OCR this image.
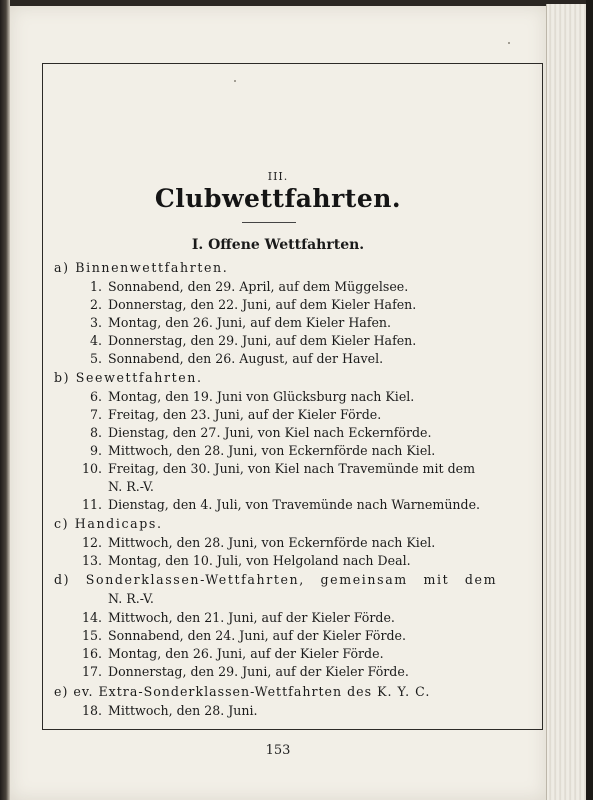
III.
Clubwettfahrten.
I. Offene Wettfahrten.
a) Binnenwettfahrten.
1. Sonnabend, den 29. April, auf dem Müggelsee.
2. Donnerstag, den 22. Juni, auf dem Kieler Hafen.
3. Montag, den 26. Juni, auf dem Kieler Hafen.
4. Donnerstag, den 29. Juni, auf dem Kieler Hafen.
5. Sonnabend, den 26. August, auf der Havel.
b) Seewettfahrten.
6. Montag, den 19. Juni von Glücksburg nach Kiel.
7. Freitag, den 23. Juni, auf der Kieler Förde.
8. Dienstag, den 27. Juni, von Kiel nach Eckernförde.
9. Mittwoch, den 28. Juni, von Eckernförde nach Kiel.
10. Freitag, den 30. Juni, von Kiel nach Travemünde mit dem
N. R.-V.
11. Dienstag, den 4. Juli, von Travemünde nach Warnemünde.
c) Handicaps.
12. Mittwoch, den 28. Juni, von Eckernförde nach Kiel.
13. Montag, den 10. Juli, von Helgoland nach Deal.
d) Sonderklassen-Wettfahrten, gemeinsam mit dem
N. R.-V.
14. Mittwoch, den 21. Juni, auf der Kieler Förde.
15. Sonnabend, den 24. Juni, auf der Kieler Förde.
16. Montag, den 26. Juni, auf der Kieler Förde.
17. Donnerstag, den 29. Juni, auf der Kieler Förde.
e) ev. Extra-Sonderklassen-Wettfahrten des K. Y. C.
18. Mittwoch, den 28. Juni.
153
